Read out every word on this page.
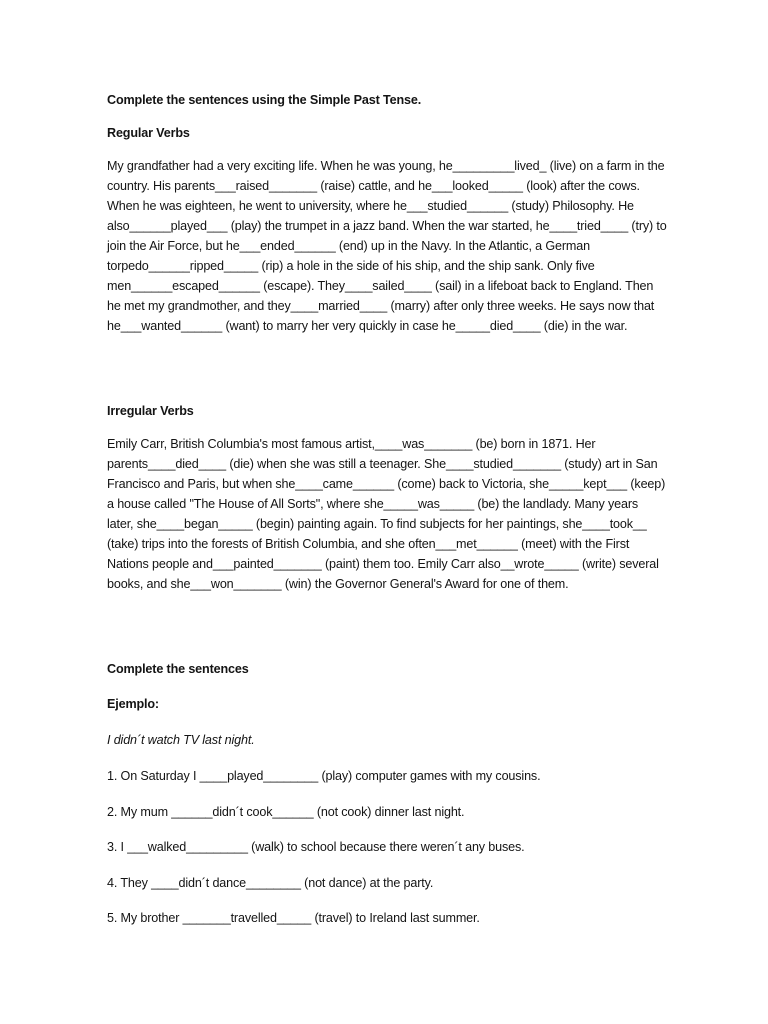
Complete the sentences using the Simple Past Tense.

Regular Verbs

My grandfather had a very exciting life. When he was young, he_________lived_ (live) on a farm in the country. His parents___raised_______ (raise) cattle, and he___looked_____ (look) after the cows. When he was eighteen, he went to university, where he___studied______ (study) Philosophy. He also______played___ (play) the trumpet in a jazz band. When the war started, he____tried____ (try) to join the Air Force, but he___ended______ (end) up in the Navy. In the Atlantic, a German torpedo______ripped_____ (rip) a hole in the side of his ship, and the ship sank. Only five men______escaped______ (escape). They____sailed____ (sail) in a lifeboat back to England. Then he met my grandmother, and they____married____ (marry) after only three weeks. He says now that he___wanted______ (want) to marry her very quickly in case he_____died____ (die) in the war.

Irregular Verbs

Emily Carr, British Columbia's most famous artist,____was_______ (be) born in 1871. Her parents____died____ (die) when she was still a teenager. She____studied_______ (study) art in San Francisco and Paris, but when she____came______ (come) back to Victoria, she_____kept___ (keep) a house called "The House of All Sorts", where she_____was_____ (be) the landlady. Many years later, she____began_____ (begin) painting again. To find subjects for her paintings, she____took__ (take) trips into the forests of British Columbia, and she often___met______ (meet) with the First Nations people and___painted_______ (paint) them too. Emily Carr also__wrote_____ (write) several books, and she___won_______ (win) the Governor General's Award for one of them.

Complete the sentences

Ejemplo:

I didn´t watch TV last night.

1. On Saturday I ____played________ (play) computer games with my cousins.

2. My mum ______didn´t cook______ (not cook) dinner last night.

3. I ___walked_________ (walk) to school because there weren´t any buses.

4. They ____didn´t dance________ (not dance) at the party.

5. My brother _______travelled_____ (travel) to Ireland last summer.
